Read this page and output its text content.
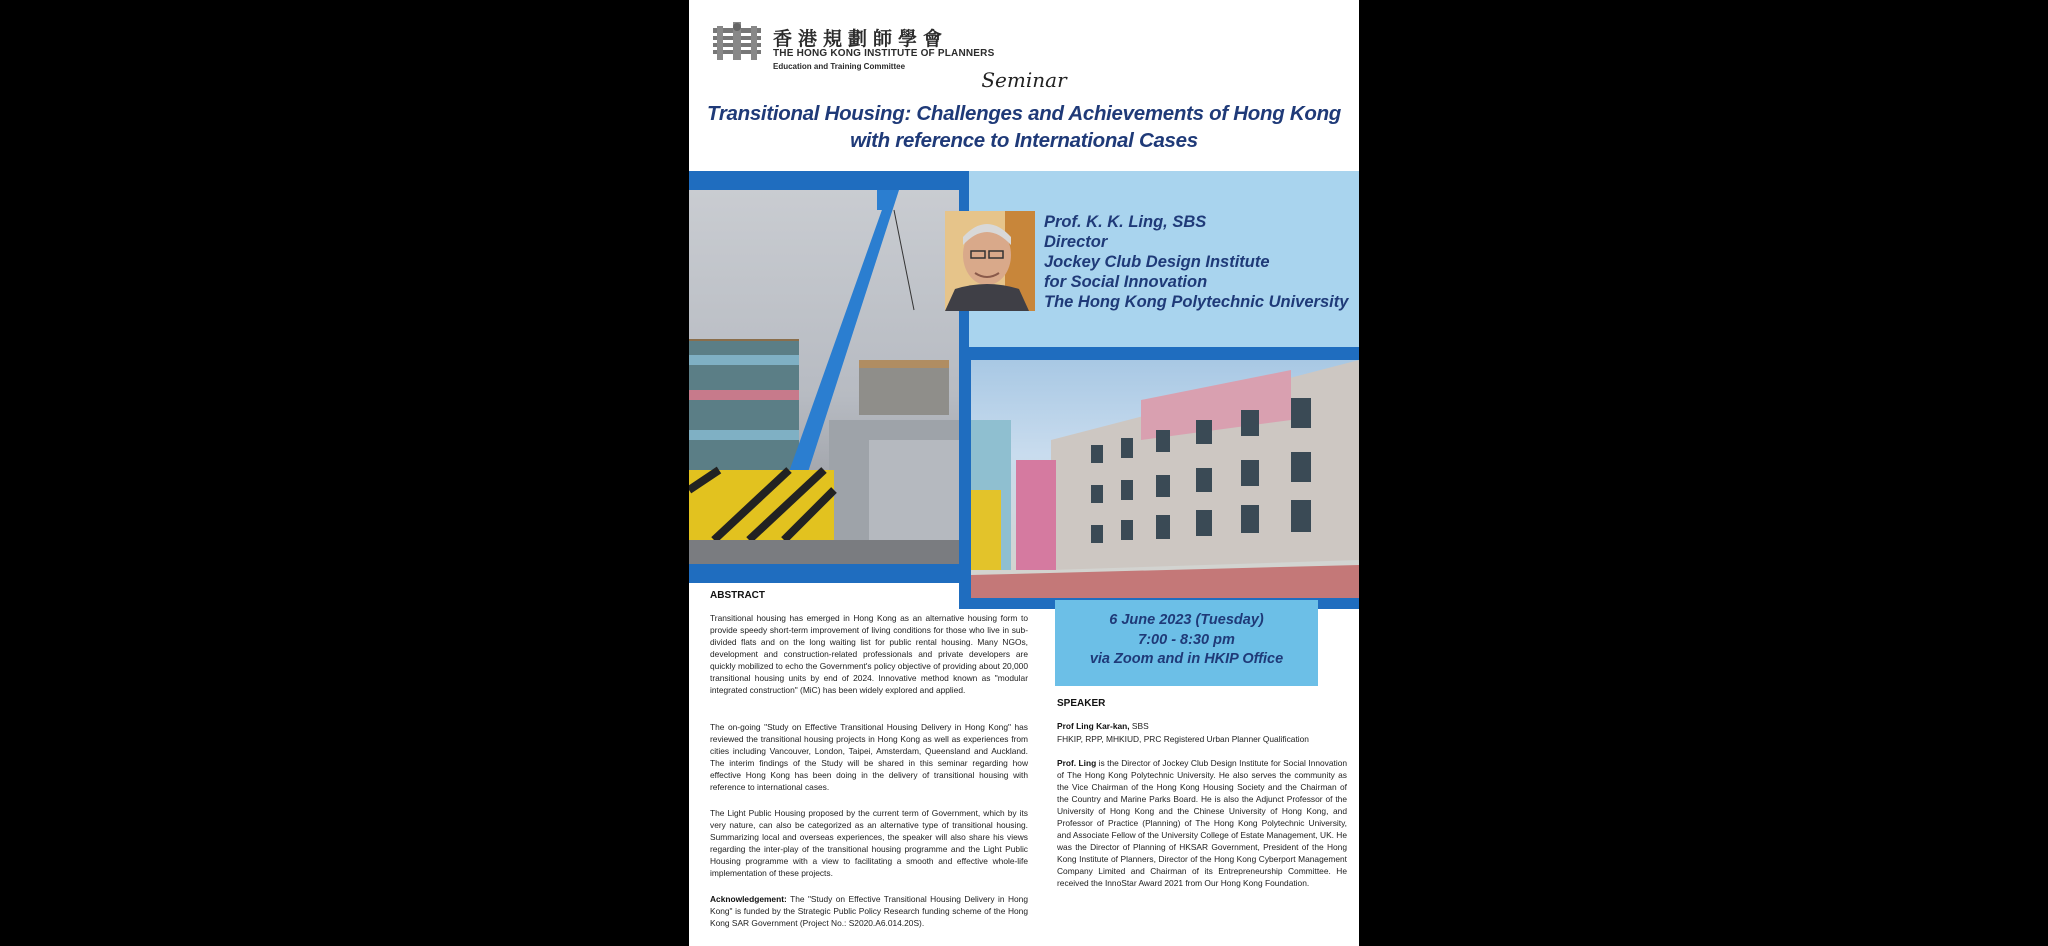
香港規劃師學會
THE HONG KONG INSTITUTE OF PLANNERS
Education and Training Committee
Seminar
Transitional Housing: Challenges and Achievements of Hong Kong
with reference to International Cases
Prof. K. K. Ling, SBS
Director
Jockey Club Design Institute
for Social Innovation
The Hong Kong Polytechnic University
6 June 2023 (Tuesday)
7:00 - 8:30 pm
via Zoom and in HKIP Office
ABSTRACT
Transitional housing has emerged in Hong Kong as an alternative housing form to provide speedy short-term improvement of living conditions for those who live in sub-divided flats and on the long waiting list for public rental housing. Many NGOs, development and construction-related professionals and private developers are quickly mobilized to echo the Government's policy objective of providing about 20,000 transitional housing units by end of 2024. Innovative method known as "modular integrated construction" (MiC) has been widely explored and applied.
The on-going "Study on Effective Transitional Housing Delivery in Hong Kong" has reviewed the transitional housing projects in Hong Kong as well as experiences from cities including Vancouver, London, Taipei, Amsterdam, Queensland and Auckland. The interim findings of the Study will be shared in this seminar regarding how effective Hong Kong has been doing in the delivery of transitional housing with reference to international cases.
The Light Public Housing proposed by the current term of Government, which by its very nature, can also be categorized as an alternative type of transitional housing. Summarizing local and overseas experiences, the speaker will also share his views regarding the inter-play of the transitional housing programme and the Light Public Housing programme with a view to facilitating a smooth and effective whole-life implementation of these projects.
Acknowledgement: The "Study on Effective Transitional Housing Delivery in Hong Kong" is funded by the Strategic Public Policy Research funding scheme of the Hong Kong SAR Government (Project No.: S2020.A6.014.20S).
SPEAKER
Prof Ling Kar-kan, SBS
FHKIP, RPP, MHKIUD, PRC Registered Urban Planner Qualification
Prof. Ling is the Director of Jockey Club Design Institute for Social Innovation of The Hong Kong Polytechnic University. He also serves the community as the Vice Chairman of the Hong Kong Housing Society and the Chairman of the Country and Marine Parks Board. He is also the Adjunct Professor of the University of Hong Kong and the Chinese University of Hong Kong, and Professor of Practice (Planning) of The Hong Kong Polytechnic University, and Associate Fellow of the University College of Estate Management, UK. He was the Director of Planning of HKSAR Government, President of the Hong Kong Institute of Planners, Director of the Hong Kong Cyberport Management Company Limited and Chairman of its Entrepreneurship Committee. He received the InnoStar Award 2021 from Our Hong Kong Foundation.
